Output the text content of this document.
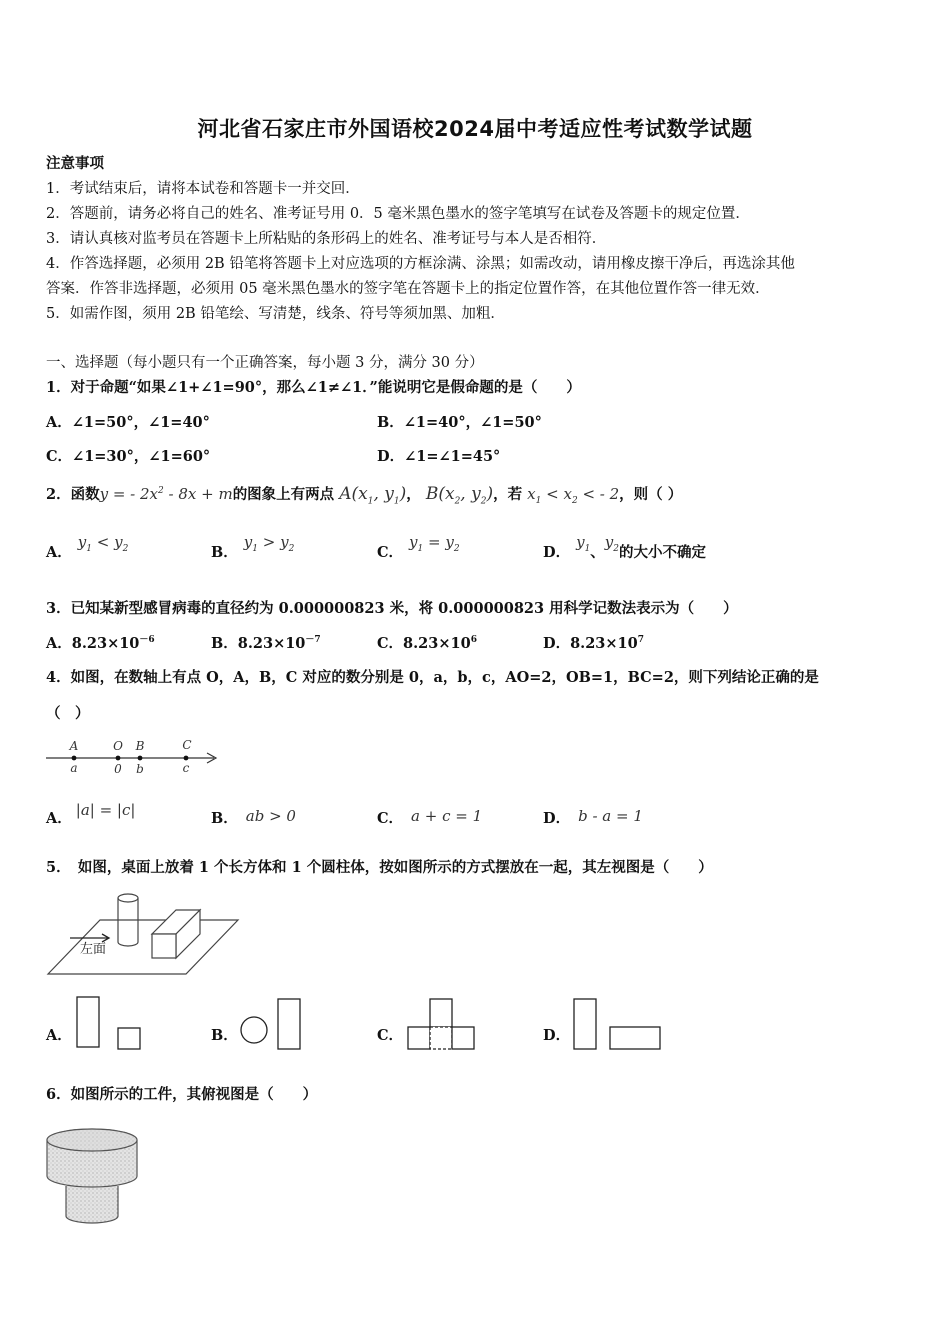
河北省石家庄市外国语校2024届中考适应性考试数学试题
注意事项
1．考试结束后，请将本试卷和答题卡一并交回．
2．答题前，请务必将自己的姓名、准考证号用 0．5 毫米黑色墨水的签字笔填写在试卷及答题卡的规定位置．
3．请认真核对监考员在答题卡上所粘贴的条形码上的姓名、准考证号与本人是否相符．
4．作答选择题，必须用 2B 铅笔将答题卡上对应选项的方框涂满、涂黑；如需改动，请用橡皮擦干净后，再选涂其他
答案．作答非选择题，必须用 05 毫米黑色墨水的签字笔在答题卡上的指定位置作答，在其他位置作答一律无效．
5．如需作图，须用 2B 铅笔绘、写清楚，线条、符号等须加黑、加粗．
一、选择题（每小题只有一个正确答案，每小题 3 分，满分 30 分）
1．对于命题“如果∠1+∠1=90°，那么∠1≠∠1．”能说明它是假命题的是（　　）
A．∠1=50°，∠1=40°	B．∠1=40°，∠1=50°
C．∠1=30°，∠1=60°	D．∠1=∠1=45°
2．函数y = - $2x^2 - 8x + m$的图象上有两点 $A(x_1$, $y_1$)， $B(x_2$, $y_2$)，若 $x_1 < x_2$ < - 2，则（ ）
A．$y_1 < y_2$	B．$y_1 > y_2$	C．$y_1 = y_2$	D．$y_1$、$y_2$的大小不确定
3．已知某新型感冒病毒的直径约为 0.000000823 米，将 0.000000823 用科学记数法表示为（　　）
A．$8.23\times 10^{-6}$	B．$8.23\times 10^{-7}$	C．$8.23\times 10^6$	D．$8.23\times 10^7$
4．如图，在数轴上有点 O，A，B，C 对应的数分别是 0，a，b，c，AO=2，OB=1，BC=2，则下列结论正确的是
（　）
A	O B	C
a	0 b	c
A． |a| = |c|	B． ab > 0	C． a + c = 1	D． b - a = 1
5．　如图，桌面上放着 1 个长方体和 1 个圆柱体，按如图所示的方式摆放在一起，其左视图是（　　）
左面
A．	B．	C．	D．
6．如图所示的工件，其俯视图是（　　）
